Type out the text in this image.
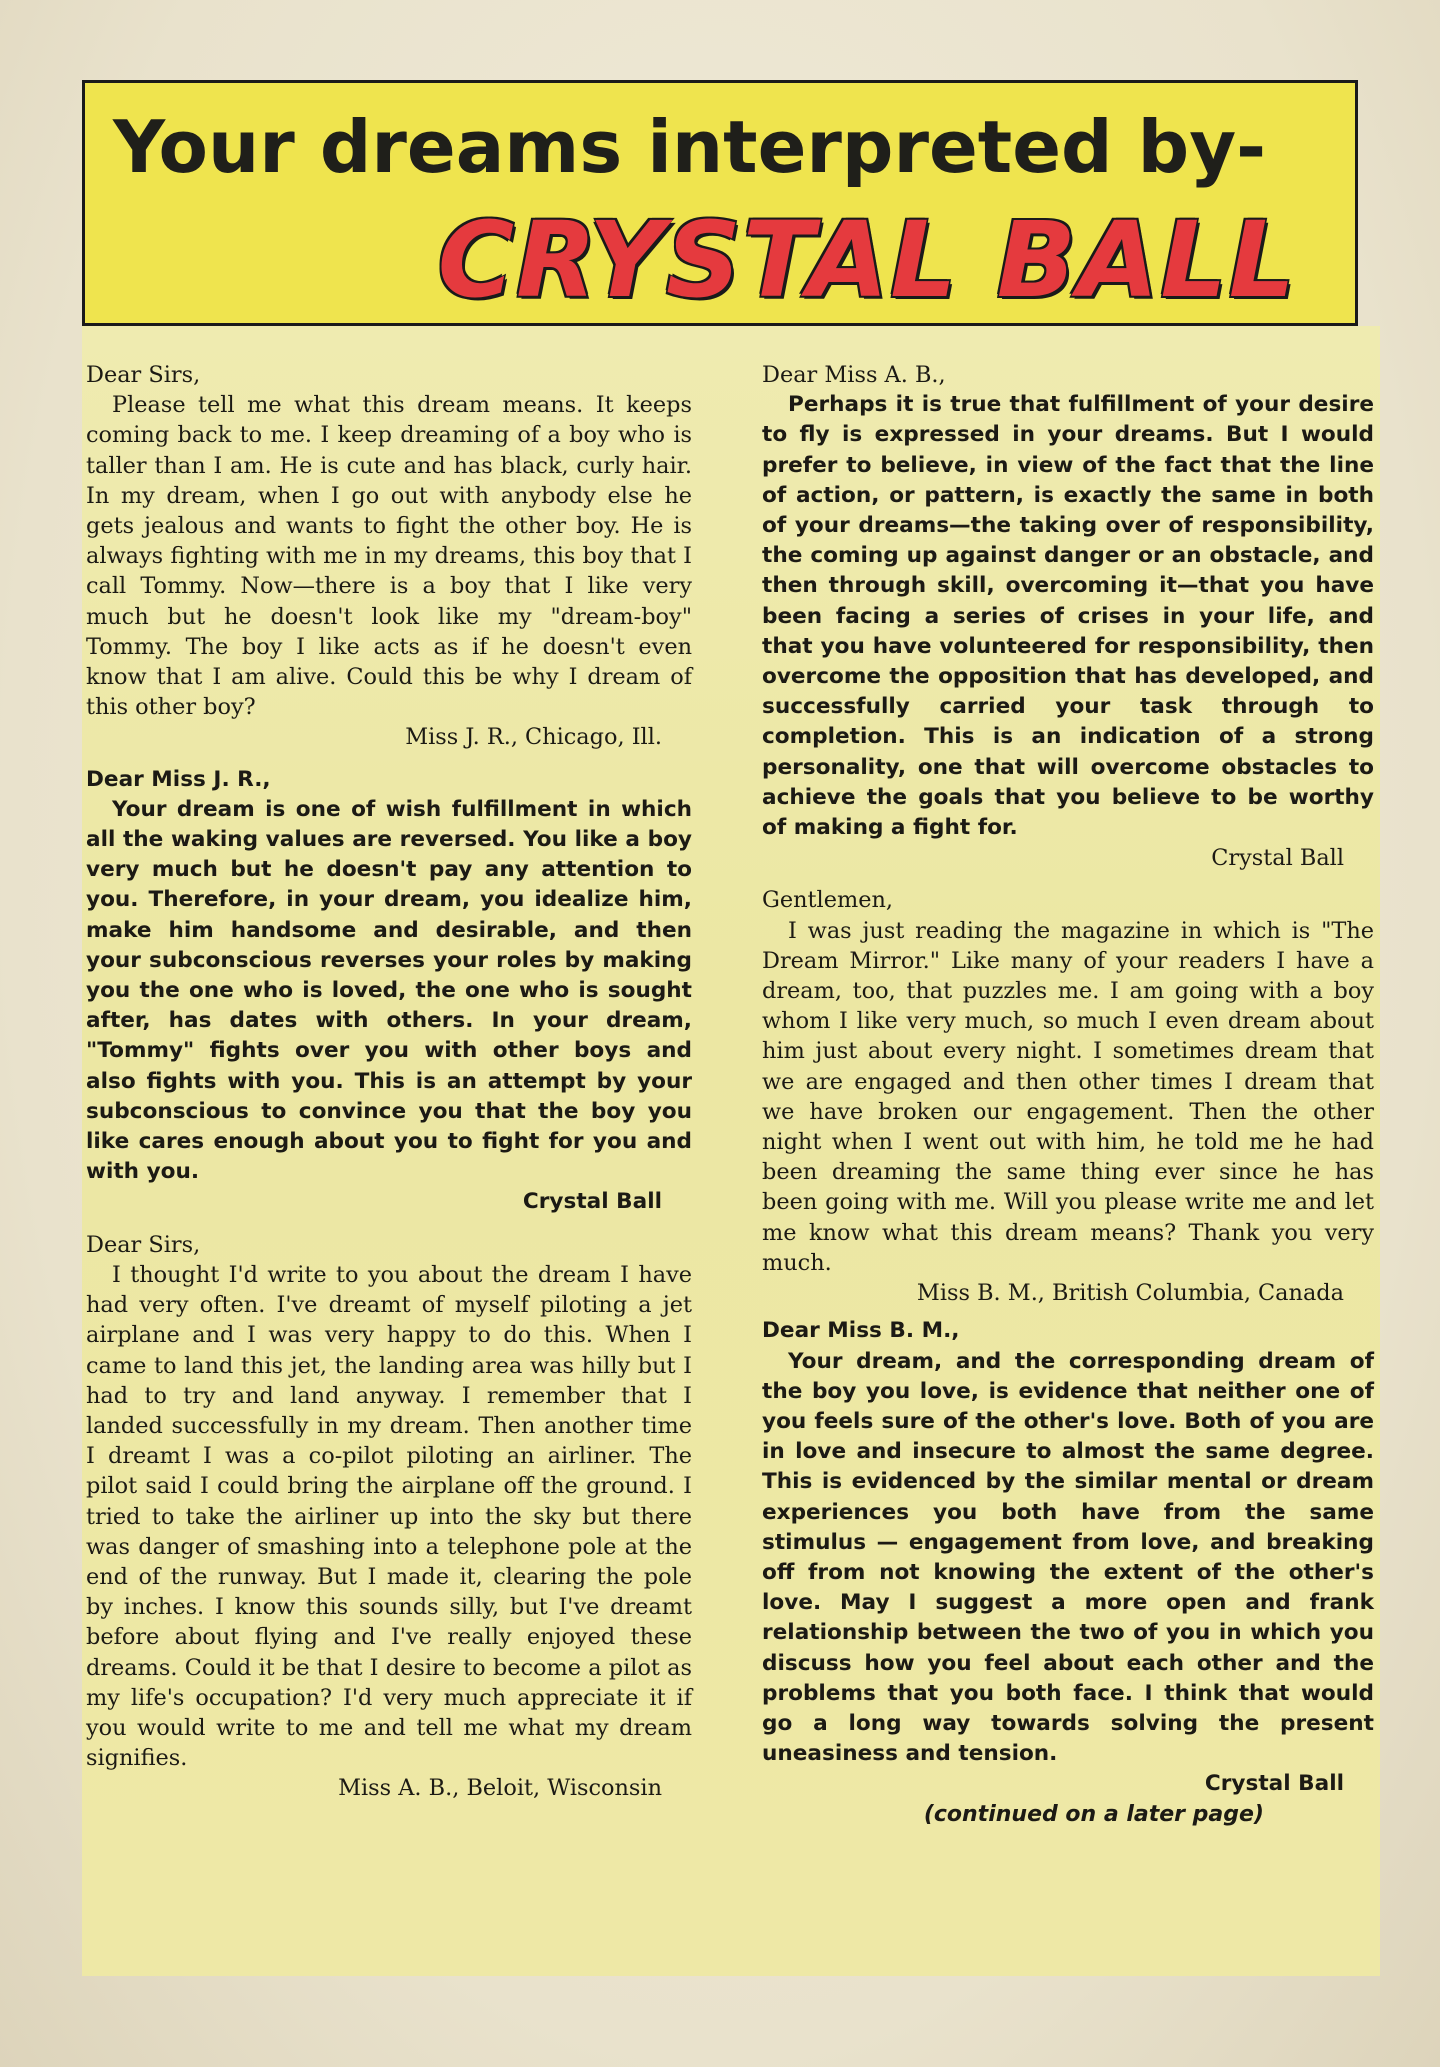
Your dreams interpreted by-
CRYSTAL BALL

Dear Sirs,

Please tell me what this dream means. It keeps coming back to me. I keep dreaming of a boy who is taller than I am. He is cute and has black, curly hair. In my dream, when I go out with anybody else he gets jealous and wants to fight the other boy. He is always fighting with me in my dreams, this boy that I call Tommy. Now—there is a boy that I like very much but he doesn't look like my "dream-boy" Tommy. The boy I like acts as if he doesn't even know that I am alive. Could this be why I dream of this other boy?

Miss J. R., Chicago, Ill.

Dear Miss J. R.,

Your dream is one of wish fulfillment in which all the waking values are reversed. You like a boy very much but he doesn't pay any attention to you. Therefore, in your dream, you idealize him, make him handsome and desirable, and then your subconscious reverses your roles by making you the one who is loved, the one who is sought after, has dates with others. In your dream, "Tommy" fights over you with other boys and also fights with you. This is an attempt by your subconscious to convince you that the boy you like cares enough about you to fight for you and with you.

Crystal Ball

Dear Sirs,

I thought I'd write to you about the dream I have had very often. I've dreamt of myself piloting a jet airplane and I was very happy to do this. When I came to land this jet, the landing area was hilly but I had to try and land anyway. I remember that I landed successfully in my dream. Then another time I dreamt I was a co-pilot piloting an airliner. The pilot said I could bring the airplane off the ground. I tried to take the airliner up into the sky but there was danger of smashing into a telephone pole at the end of the runway. But I made it, clearing the pole by inches. I know this sounds silly, but I've dreamt before about flying and I've really enjoyed these dreams. Could it be that I desire to become a pilot as my life's occupation? I'd very much appreciate it if you would write to me and tell me what my dream signifies.

Miss A. B., Beloit, Wisconsin

Dear Miss A. B.,

Perhaps it is true that fulfillment of your desire to fly is expressed in your dreams. But I would prefer to believe, in view of the fact that the line of action, or pattern, is exactly the same in both of your dreams—the taking over of responsibility, the coming up against danger or an obstacle, and then through skill, overcoming it—that you have been facing a series of crises in your life, and that you have volunteered for responsibility, then overcome the opposition that has developed, and successfully carried your task through to completion. This is an indication of a strong personality, one that will overcome obstacles to achieve the goals that you believe to be worthy of making a fight for.

Crystal Ball

Gentlemen,

I was just reading the magazine in which is "The Dream Mirror." Like many of your readers I have a dream, too, that puzzles me. I am going with a boy whom I like very much, so much I even dream about him just about every night. I sometimes dream that we are engaged and then other times I dream that we have broken our engagement. Then the other night when I went out with him, he told me he had been dreaming the same thing ever since he has been going with me. Will you please write me and let me know what this dream means? Thank you very much.

Miss B. M., British Columbia, Canada

Dear Miss B. M.,

Your dream, and the corresponding dream of the boy you love, is evidence that neither one of you feels sure of the other's love. Both of you are in love and insecure to almost the same degree. This is evidenced by the similar mental or dream experiences you both have from the same stimulus — engagement from love, and breaking off from not knowing the extent of the other's love. May I suggest a more open and frank relationship between the two of you in which you discuss how you feel about each other and the problems that you both face. I think that would go a long way towards solving the present uneasiness and tension.

Crystal Ball

(continued on a later page)
